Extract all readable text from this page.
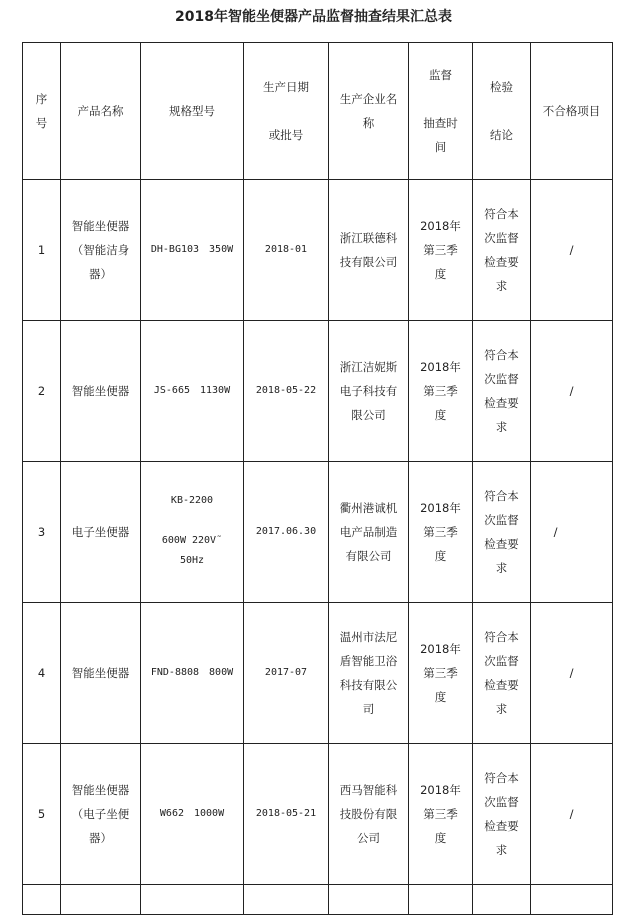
2018年智能坐便器产品监督抽查结果汇总表
序
号	产品名称	规格型号	生产日期

或批号	生产企业名
称	监督

抽查时
间	检验

结论	不合格项目
1	智能坐便器
（智能洁身
器）	DH-BG103　350W	2018-01	浙江联德科
技有限公司	2018年
第三季
度	符合本
次监督
检查要
求	/
2	智能坐便器	JS-665　1130W	2018-05-22	浙江洁妮斯
电子科技有
限公司	2018年
第三季
度	符合本
次监督
检查要
求	/
3	电子坐便器	KB-2200

600W 220V˜
50Hz	2017.06.30	衢州港诚机
电产品制造
有限公司	2018年
第三季
度	符合本
次监督
检查要
求	/
4	智能坐便器	FND-8808　800W	2017-07	温州市法尼
盾智能卫浴
科技有限公
司	2018年
第三季
度	符合本
次监督
检查要
求	/
5	智能坐便器
（电子坐便
器）	W662　1000W	2018-05-21	西马智能科
技股份有限
公司	2018年
第三季
度	符合本
次监督
检查要
求	/
